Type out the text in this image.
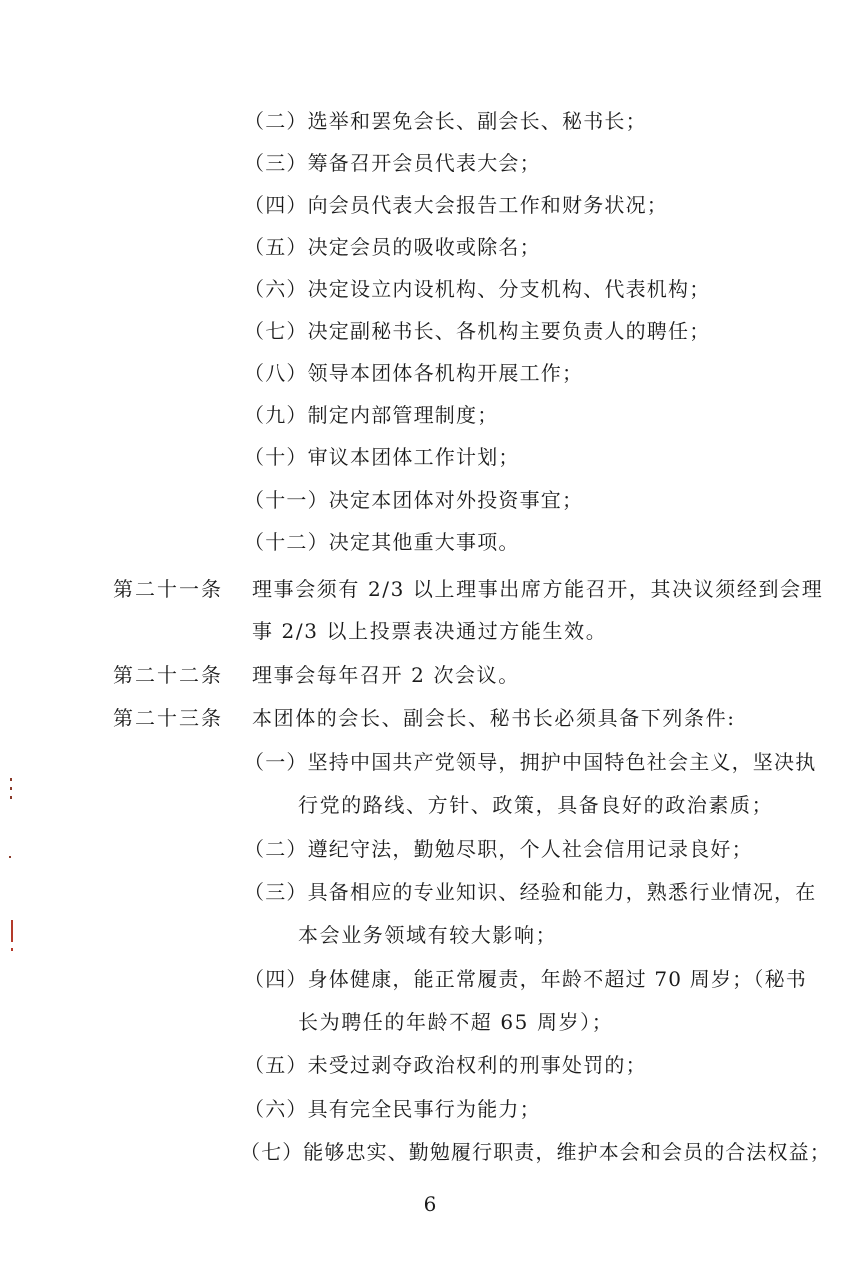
（二）选举和罢免会长、副会长、秘书长；
（三）筹备召开会员代表大会；
（四）向会员代表大会报告工作和财务状况；
（五）决定会员的吸收或除名；
（六）决定设立内设机构、分支机构、代表机构；
（七）决定副秘书长、各机构主要负责人的聘任；
（八）领导本团体各机构开展工作；
（九）制定内部管理制度；
（十）审议本团体工作计划；
（十一）决定本团体对外投资事宜；
（十二）决定其他重大事项。
第二十一条 理事会须有 2/3 以上理事出席方能召开，其决议须经到会理
事 2/3 以上投票表决通过方能生效。
第二十二条 理事会每年召开 2 次会议。
第二十三条 本团体的会长、副会长、秘书长必须具备下列条件:
（一）坚持中国共产党领导，拥护中国特色社会主义，坚决执
行党的路线、方针、政策，具备良好的政治素质；
（二）遵纪守法，勤勉尽职，个人社会信用记录良好；
（三）具备相应的专业知识、经验和能力，熟悉行业情况，在
本会业务领域有较大影响；
（四）身体健康，能正常履责，年龄不超过 70 周岁；（秘书
长为聘任的年龄不超 65 周岁）；
（五）未受过剥夺政治权利的刑事处罚的；
（六）具有完全民事行为能力；
（七）能够忠实、勤勉履行职责，维护本会和会员的合法权益；
6
